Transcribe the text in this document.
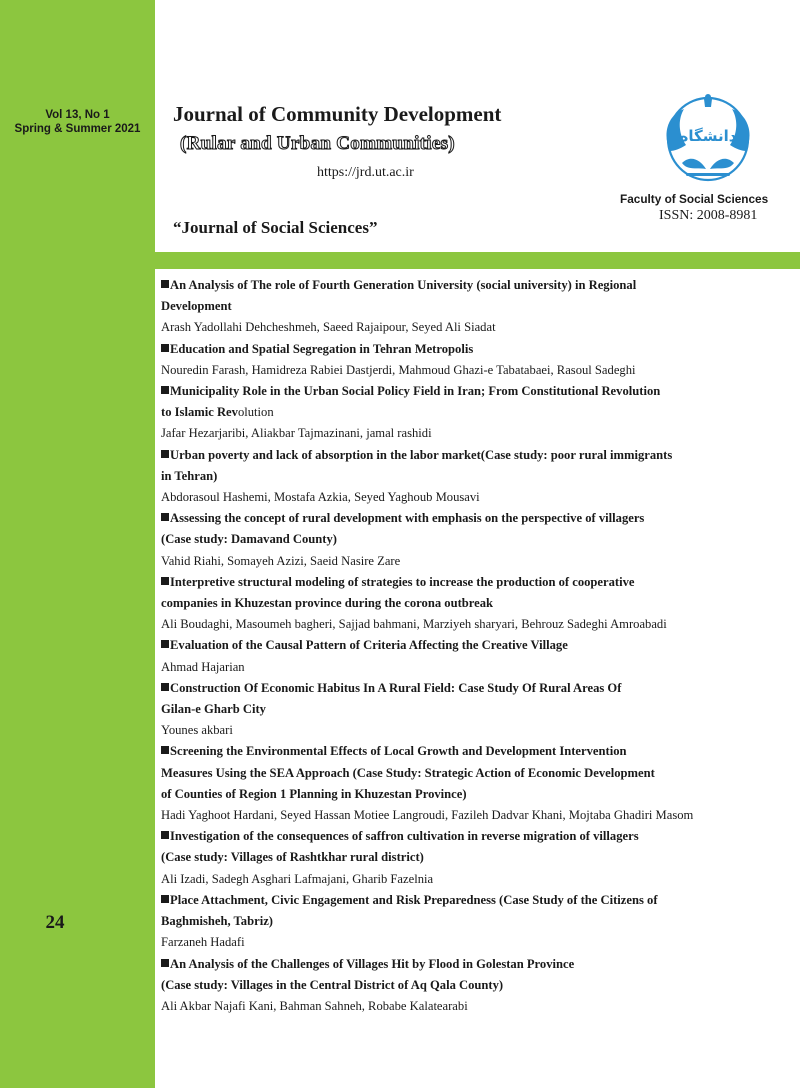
Vol 13, No 1
Spring & Summer 2021
24
Journal of Community Development
(Rular and Urban Communities)
https://jrd.ut.ac.ir
“Journal of Social Sciences”
دانشگاه
Faculty of Social Sciences
ISSN: 2008-8981

An Analysis of The role of Fourth Generation University (social university) in Regional
Development

Arash Yadollahi Dehcheshmeh, Saeed Rajaipour, Seyed Ali Siadat

Education and Spatial Segregation in Tehran Metropolis

Nouredin Farash, Hamidreza Rabiei Dastjerdi, Mahmoud Ghazi-e Tabatabaei, Rasoul Sadeghi

Municipality Role in the Urban Social Policy Field in Iran; From Constitutional Revolution
to Islamic Revolution

Jafar Hezarjaribi, Aliakbar Tajmazinani, jamal rashidi

Urban poverty and lack of absorption in the labor market(Case study: poor rural immigrants
in Tehran)

Abdorasoul Hashemi, Mostafa Azkia, Seyed Yaghoub Mousavi

Assessing the concept of rural development with emphasis on the perspective of villagers
(Case study: Damavand County)

Vahid Riahi, Somayeh Azizi, Saeid Nasire Zare

Interpretive structural modeling of strategies to increase the production of cooperative
companies in Khuzestan province during the corona outbreak

Ali Boudaghi, Masoumeh bagheri, Sajjad bahmani, Marziyeh sharyari, Behrouz Sadeghi Amroabadi

Evaluation of the Causal Pattern of Criteria Affecting the Creative Village

Ahmad Hajarian

Construction Of Economic Habitus In A Rural Field: Case Study Of Rural Areas Of
Gilan-e Gharb City

Younes akbari

Screening the Environmental Effects of Local Growth and Development Intervention
Measures Using the SEA Approach (Case Study: Strategic Action of Economic Development
of Counties of Region 1 Planning in Khuzestan Province)

Hadi Yaghoot Hardani, Seyed Hassan Motiee Langroudi, Fazileh Dadvar Khani, Mojtaba Ghadiri Masom

Investigation of the consequences of saffron cultivation in reverse migration of villagers
(Case study: Villages of Rashtkhar rural district)

Ali Izadi, Sadegh Asghari Lafmajani, Gharib Fazelnia

Place Attachment, Civic Engagement and Risk Preparedness (Case Study of the Citizens of
Baghmisheh, Tabriz)

Farzaneh Hadafi

An Analysis of the Challenges of Villages Hit by Flood in Golestan Province
(Case study: Villages in the Central District of Aq Qala County)

Ali Akbar Najafi Kani, Bahman Sahneh, Robabe Kalatearabi
